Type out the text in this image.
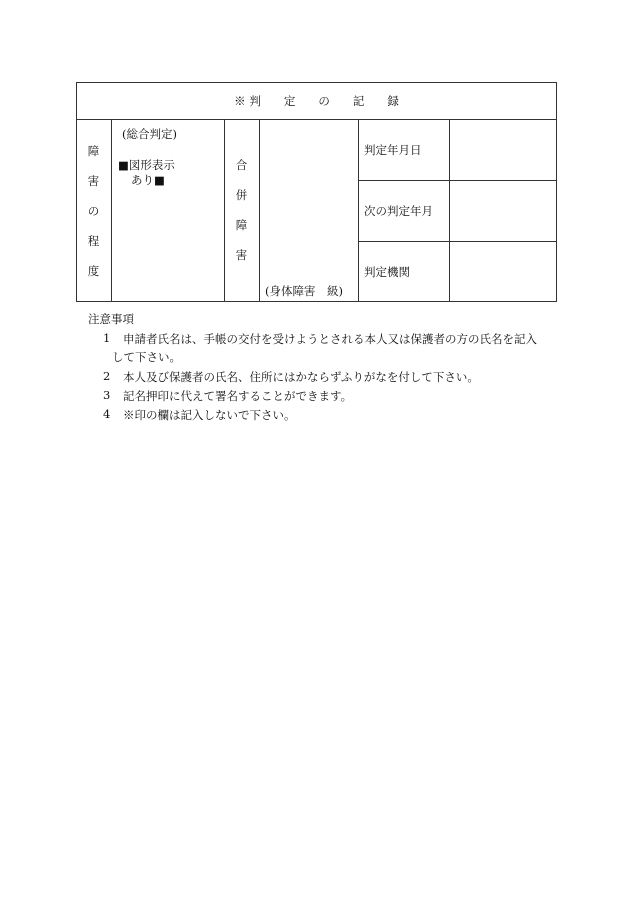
※ 判　　定　　の　　記　　録
障
害
の
程
度
(総合判定)
■図形表示
あり■
合
併
障
害
(身体障害　級)
判定年月日
次の判定年月
判定機関
注意事項
1 申請者氏名は、手帳の交付を受けようとされる本人又は保護者の方の氏名を記入
して下さい。
2 本人及び保護者の氏名、住所にはかならずふりがなを付して下さい。
3 記名押印に代えて署名することができます。
4 ※印の欄は記入しないで下さい。
